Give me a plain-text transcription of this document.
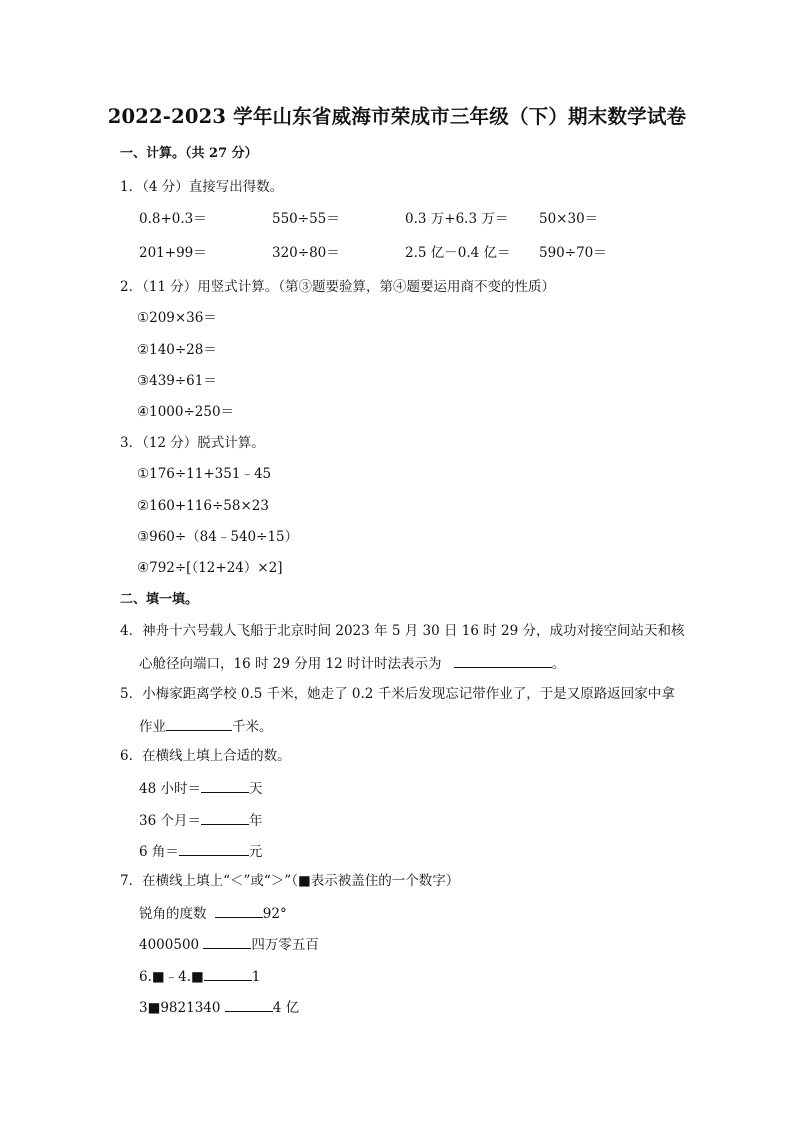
2022-2023 学年山东省威海市荣成市三年级（下）期末数学试卷
一、计算。（共 27 分）
1．（4 分）直接写出得数。
0.8+0.3＝	550÷55＝	0.3 万+6.3 万＝ 50×30＝
201+99＝	320÷80＝	2.5 亿－0.4 亿＝ 590÷70＝
2．（11 分）用竖式计算。（第③题要验算，第④题要运用商不变的性质）
①209×36＝
②140÷28＝
③439÷61＝
④1000÷250＝
3．（12 分）脱式计算。
①176÷11+351﹣45
②160+116÷58×23
③960÷（84﹣540÷15）
④792÷[（12+24）×2]
二、填一填。
4．神舟十六号载人飞船于北京时间 2023 年 5 月 30 日 16 时 29 分，成功对接空间站天和核
心舱径向端口，16 时 29 分用 12 时计时法表示为	。
5．小梅家距离学校 0.5 千米，她走了 0.2 千米后发现忘记带作业了，于是又原路返回家中拿
作业	千米。
6．在横线上填上合适的数。
48 小时＝	天
36 个月＝	年
6 角＝	元
7．在横线上填上“＜”或“＞”（■表示被盖住的一个数字）
锐角的度数	92°
4000500	四万零五百
6.■﹣4.■	1
3■9821340	4 亿
